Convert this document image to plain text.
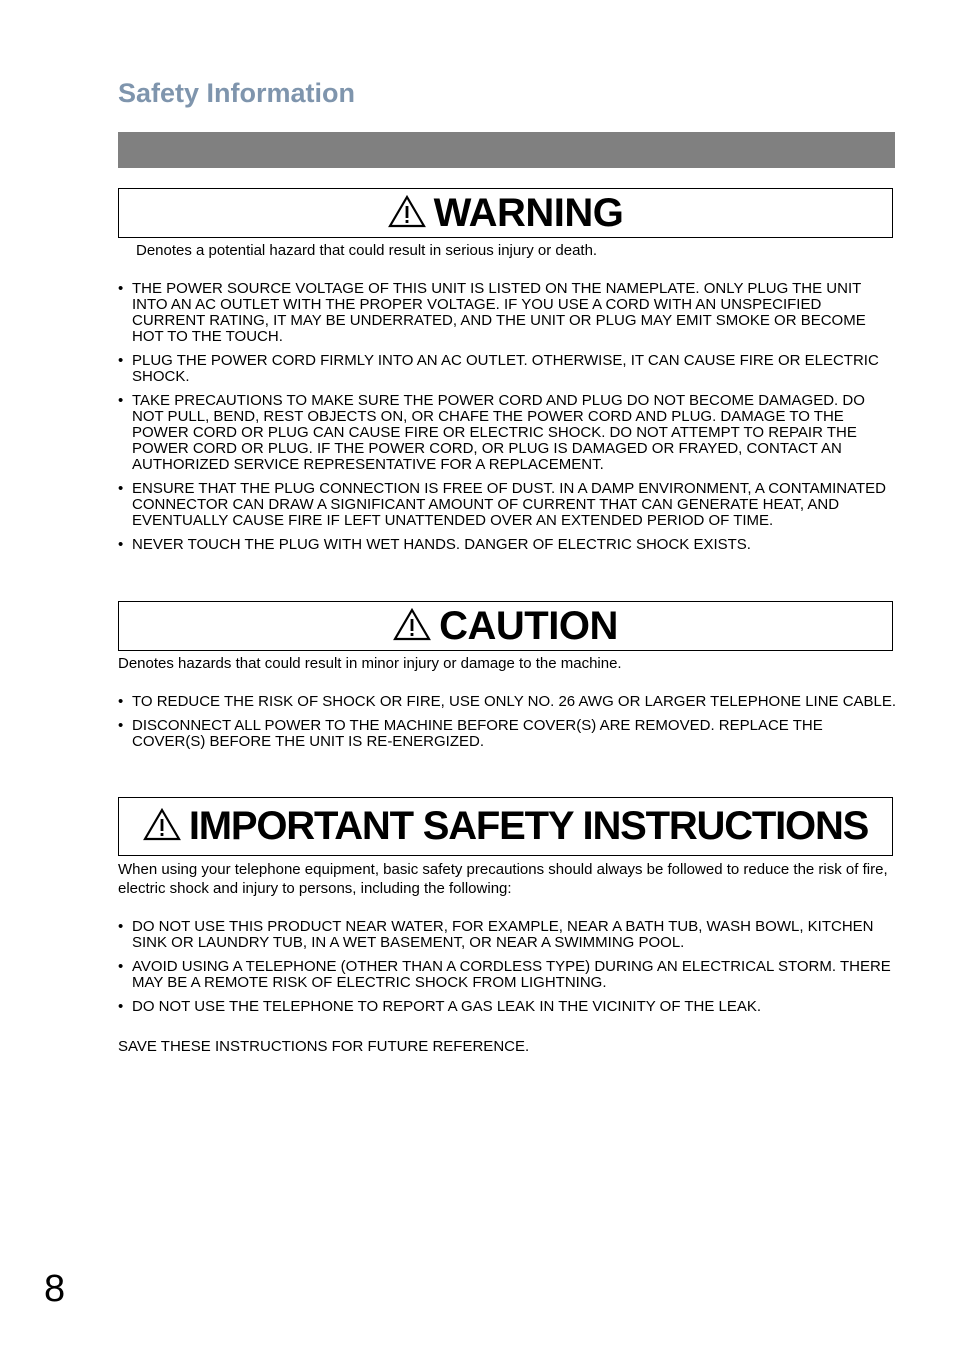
Safety Information
WARNING
Denotes a potential hazard that could result in serious injury or death.
• THE POWER SOURCE VOLTAGE OF THIS UNIT IS LISTED ON THE NAMEPLATE. ONLY PLUG THE UNIT INTO AN AC OUTLET WITH THE PROPER VOLTAGE. IF YOU USE A CORD WITH AN UNSPECIFIED CURRENT RATING, IT MAY BE UNDERRATED, AND THE UNIT OR PLUG MAY EMIT SMOKE OR BECOME HOT TO THE TOUCH.
• PLUG THE POWER CORD FIRMLY INTO AN AC OUTLET. OTHERWISE, IT CAN CAUSE FIRE OR ELECTRIC SHOCK.
• TAKE PRECAUTIONS TO MAKE SURE THE POWER CORD AND PLUG DO NOT BECOME DAMAGED. DO NOT PULL, BEND, REST OBJECTS ON, OR CHAFE THE POWER CORD AND PLUG. DAMAGE TO THE POWER CORD OR PLUG CAN CAUSE FIRE OR ELECTRIC SHOCK. DO NOT ATTEMPT TO REPAIR THE POWER CORD OR PLUG. IF THE POWER CORD, OR PLUG IS DAMAGED OR FRAYED, CONTACT AN AUTHORIZED SERVICE REPRESENTATIVE FOR A REPLACEMENT.
• ENSURE THAT THE PLUG CONNECTION IS FREE OF DUST. IN A DAMP ENVIRONMENT, A CONTAMINATED CONNECTOR CAN DRAW A SIGNIFICANT AMOUNT OF CURRENT THAT CAN GENERATE HEAT, AND EVENTUALLY CAUSE FIRE IF LEFT UNATTENDED OVER AN EXTENDED PERIOD OF TIME.
• NEVER TOUCH THE PLUG WITH WET HANDS. DANGER OF ELECTRIC SHOCK EXISTS.
CAUTION
Denotes hazards that could result in minor injury or damage to the machine.
• TO REDUCE THE RISK OF SHOCK OR FIRE, USE ONLY NO. 26 AWG OR LARGER TELEPHONE LINE CABLE.
• DISCONNECT ALL POWER TO THE MACHINE BEFORE COVER(S) ARE REMOVED. REPLACE THE COVER(S) BEFORE THE UNIT IS RE-ENERGIZED.
IMPORTANT SAFETY INSTRUCTIONS
When using your telephone equipment, basic safety precautions should always be followed to reduce the risk of fire, electric shock and injury to persons, including the following:
• DO NOT USE THIS PRODUCT NEAR WATER, FOR EXAMPLE, NEAR A BATH TUB, WASH BOWL, KITCHEN SINK OR LAUNDRY TUB, IN A WET BASEMENT, OR NEAR A SWIMMING POOL.
• AVOID USING A TELEPHONE (OTHER THAN A CORDLESS TYPE) DURING AN ELECTRICAL STORM. THERE MAY BE A REMOTE RISK OF ELECTRIC SHOCK FROM LIGHTNING.
• DO NOT USE THE TELEPHONE TO REPORT A GAS LEAK IN THE VICINITY OF THE LEAK.
SAVE THESE INSTRUCTIONS FOR FUTURE REFERENCE.
8
